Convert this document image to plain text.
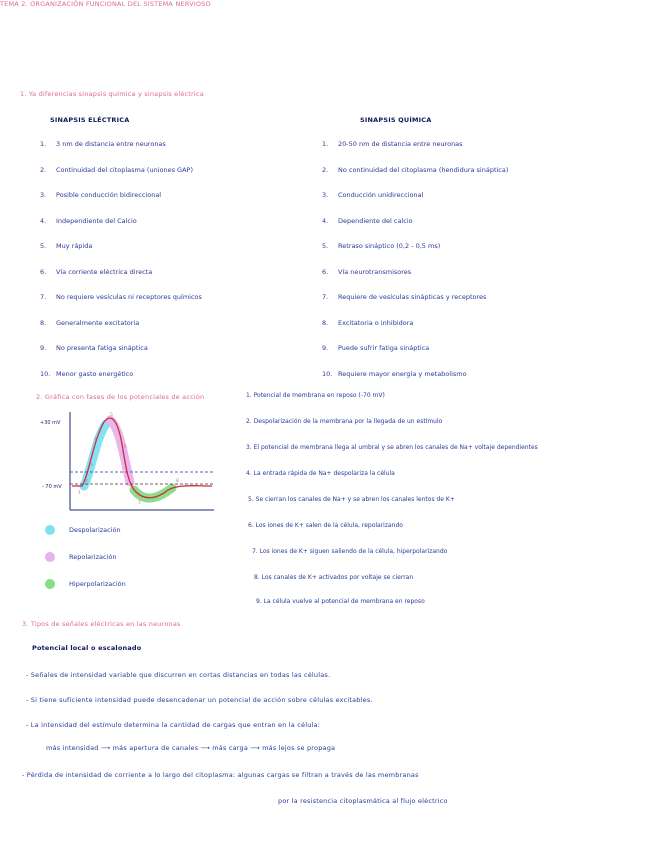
TEMA 2. ORGANIZACIÓN FUNCIONAL DEL SISTEMA NERVIOSO
1. Ya diferencias sinapsis química y sinapsis eléctrica
SINAPSIS ELÉCTRICA	SINAPSIS QUÍMICA
1. 3 nm de distancia entre neuronas
2. Continuidad del citoplasma (uniones GAP)
3. Posible conducción bidireccional
4. Independiente del Calcio
5. Muy rápida
6. Vía corriente eléctrica directa
7. No requiere vesículas ni receptores químicos
8. Generalmente excitatoria
9. No presenta fatiga sináptica
10. Menor gasto energético
1. 20-50 nm de distancia entre neuronas
2. No continuidad del citoplasma (hendidura sináptica)
3. Conducción unidireccional
4. Dependiente del calcio
5. Retraso sináptico (0,2 - 0,5 ms)
6. Vía neurotransmisores
7. Requiere de vesículas sinápticas y receptores
8. Excitatoria o inhibidora
9. Puede sufrir fatiga sináptica
10. Requiere mayor energía y metabolismo
2. Gráfica con fases de los potenciales de acción
+30 mV
- 70 mV
1
2
3
4
5
6
7
8
Despolarización
Repolarización
Hiperpolarización
1. Potencial de membrana en reposo (-70 mV)
2. Despolarización de la membrana por la llegada de un estímulo
3. El potencial de membrana llega al umbral y se abren los canales de Na+ voltaje dependientes
4. La entrada rápida de Na+ despolariza la célula
5. Se cierran los canales de Na+ y se abren los canales lentos de K+
6. Los iones de K+ salen de la célula, repolarizando
7. Los iones de K+ siguen saliendo de la célula, hiperpolarizando
8. Los canales de K+ activados por voltaje se cierran
9. La célula vuelve al potencial de membrana en reposo
3. Tipos de señales eléctricas en las neuronas
Potencial local o escalonado
- Señales de intensidad variable que discurren en cortas distancias en todas las células.
- Si tiene suficiente intensidad puede desencadenar un potencial de acción sobre células excitables.
- La intensidad del estímulo determina la cantidad de cargas que entran en la célula:
más intensidad ⟶ más apertura de canales ⟶ más carga ⟶ más lejos se propaga
- Pérdida de intensidad de corriente a lo largo del citoplasma: algunas cargas se filtran a través de las membranas
por la resistencia citoplasmática al flujo eléctrico
